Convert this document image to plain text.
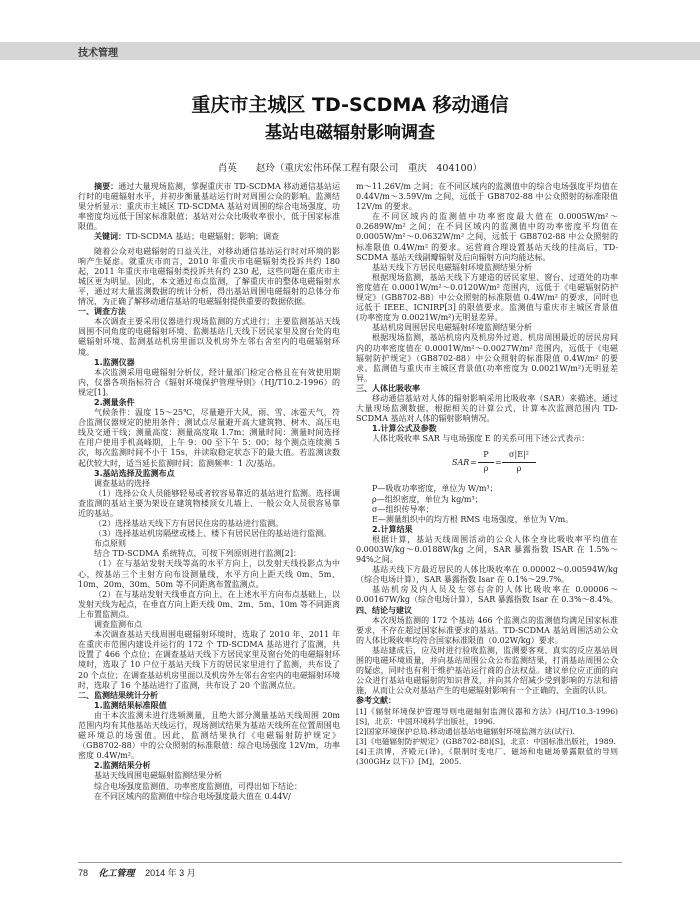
技术管理
重庆市主城区 TD-SCDMA 移动通信
基站电磁辐射影响调查
肖英　　赵玲（重庆宏伟环保工程有限公司　重庆　404100）

摘要：通过大量现场监测，掌握重庆市 TD-SCDMA 移动通信基站运行时的电磁辐射水平，并初步衡量基站运行时对周围公众的影响。监测结果分析显示：重庆市主城区 TD-SCDMA 基站对周围的综合电场强度、功率密度均远低于国家标准限值；基站对公众比吸收率很小，低于国家标准限值。

关键词：TD-SCDMA 基站；电磁辐射；影响；调查

随着公众对电磁辐射的日益关注，对移动通信基站运行时对环境的影响产生疑虑。就重庆市而言，2010 年重庆市电磁辐射类投诉共约 180 起，2011 年重庆市电磁辐射类投诉共有约 230 起，这些问题在重庆市主城区更为明显。因此，本文通过布点监测，了解重庆市的整体电磁辐射水平，通过对大量监测数据的统计分析，得出基站周围电磁辐射的总体分布情况，为正确了解移动通信基站的电磁辐射提供重要的数据依据。

一、调查方法

本次调查主要采用仪器进行现场监测的方式进行；主要监测基站天线周围不同角度的电磁辐射环境、监测基站几天线下居民家里及窗台处的电磁辐射环境、监测基站机房里面以及机房外左邻右舍室内的电磁辐射环境。

1.监测仪器

本次监测采用电磁辐射分析仪，经计量部门检定合格且在有效使用期内，仪器各项指标符合《辐射环境保护管理导则》（HJ/T10.2-1996）的规定[1]。

2.测量条件

气候条件：温度 15～25℃，尽量避开大风、雨、雪、冰雹天气，符合监测仪器规定的使用条件；测试点尽量避开高大建筑物、树木、高压电线及交通干线；测量高度：测量高度取 1.7m；测量时间：测量时间选择在用户使用手机高峰期，上午 9：00 至下午 5：00；每个测点连续测 5 次，每次监测时间不小于 15s，并读取稳定状态下的最大值。若监测读数起伏较大时，适当延长监测时间；监测频率：1 次/基站。

3.基站选择及监测布点

调查基站的选择

（1）选择公众人员能够轻易或者较容易靠近的基站进行监测。选择调查监测的基站主要为架设在建筑物楼顶女儿墙上、一般公众人员很容易靠近的基站。

（2）选择基站天线下方有居民住房的基站进行监测。

（3）选择基站机房隔壁或楼上、楼下有居民居住的基站进行监测。

布点原则

结合 TD-SCDMA 系统特点，可按下列原则进行监测[2]：

（1）在与基站发射天线等高的水平方向上，以发射天线投影点为中心，按基站三个主射方向布设测量线，水平方向上距天线 0m、5m、10m、20m、30m、50m 等不同距离布置监测点。

（2）在与基站发射天线垂直方向上，在上述水平方向布点基础上，以发射天线为起点，在垂直方向上距天线 0m、2m、5m、10m 等不同距离上布置监测点。

调查监测布点

本次调查基站天线周围电磁辐射环境时，选取了 2010 年、2011 年在重庆市范围内建设并运行的 172 个 TD-SCDMA 基站进行了监测，共设置了 466 个点位；在调查基站天线下方居民家里及窗台处的电磁辐射环境时，选取了 10 户位于基站天线下方的居民家里进行了监测，共布设了 20 个点位；在调查基站机房里面以及机房外左邻右舍室内的电磁辐射环境时，选取了 16 个基站进行了监测，共布设了 20 个监测点位。

二、监测结果统计分析

1.监测结果标准限值

由于本次监测未进行选频测量，且绝大部分测量基站天线周围 20m 范围内均有其他基站天线运行，现场测试结果为基站天线所在位置周围电磁环境总的场强值。因此，监测结果执行《电磁辐射防护规定》（GB8702-88）中的公众照射的标准限值：综合电场强度 12V/m，功率密度 0.4W/m²。

2.监测结果分析

基站天线周围电磁辐射监测结果分析

综合电场强度监测值、功率密度监测值，可得出如下结论：

在不同区域内的监测值中综合电场强度最大值在 0.44V/

m～11.26V/m 之间；在不同区域内的监测值中的综合电场强度平均值在 0.44V/m～3.59V/m 之间，远低于 GB8702-88 中公众照射的标准限值 12V/m 的要求。

在不同区域内的监测值中功率密度最大值在 0.0005W/m²～0.2689W/m² 之间；在不同区域内的监测值中的功率密度平均值在 0.0005W/m²～0.0632W/m² 之间，远低于 GB8702-88 中公众照射的标准限值 0.4W/m² 的要求。运营商合理设置基站天线的挂高后，TD-SCDMA 基站天线副瓣辐射及后向辐射方向均能达标。

基站天线下方居民电磁辐射环境监测结果分析

根据现场监测，基站天线下方建造的居民家里、窗台、过道处的功率密度值在 0.0001W/m²～0.0120W/m² 范围内，远低于《电磁辐射防护规定》（GB8702-88）中公众照射的标准限值 0.4W/m² 的要求，同时也远低于 IEEE、ICNIRP[3] 的限值要求。监测值与重庆市主城区背景值(功率密度为 0.0021W/m²)无明显差异。

基站机房周围居民电磁辐射环境监测结果分析

根据现场监测，基站机房内及机房外过道、机房周围最近的居民房间内的功率密度值在 0.0001W/m²～0.0027W/m² 范围内，远低于《电磁辐射防护规定》（GB8702-88）中公众照射的标准限值 0.4W/m² 的要求。监测值与重庆市主城区背景值(功率密度为 0.0021W/m²)无明显差异。

三、人体比吸收率

移动通信基站对人体的辐射影响采用比吸收率（SAR）来描述。通过大量现场监测数据，根据相关的计算公式，计算本次监测范围内 TD-SCDMA 基站对人体的辐射影响情况。

1.计算公式及参数

人体比吸收率 SAR 与电场强度 E 的关系可用下述公式表示：

SAR =
P
ρ
=
σ|E|²
ρ

P—吸收功率密度，单位为 W/m³；

ρ—组织密度，单位为 kg/m³；

σ—组织传导率；

E—测量组织中的均方根 RMS 电场强度，单位为 V/m。

2.计算结果

根据计算，基站天线周围活动的公众人体全身比吸收率平均值在 0.0003W/kg～0.0188W/kg 之间，SAR 暴露指数 ISAR 在 1.5%～94%之间。

基站天线下方最近居民的人体比吸收率在 0.00002～0.00594W/kg（综合电场计算），SAR 暴露指数 Isar 在 0.1%～29.7%。

基站机房及内人员及左邻右舍的人体比吸收率在 0.00006～0.00167W/kg（综合电场计算），SAR 暴露指数 Isar 在 0.3%～8.4%。

四、结论与建议

本次现场监测的 172 个基站 466 个监测点的监测值均满足国家标准要求，不存在超过国家标准要求的基站。TD-SCDMA 基站周围活动公众的人体比吸收率均符合国家标准限值（0.02W/kg）要求。

基站建成后，应及时进行验收监测，监测要客观、真实的反应基站周围的电磁环境质量，并向基站周围公众公布监测结果，打消基站周围公众的疑虑，同时也有利于维护基站运行商的合法权益。建议单位应正面的向公众进行基站电磁辐射的知识普及，并向其介绍减少受到影响的方法和措施，从而让公众对基站产生的电磁辐射影响有一个正确的、全面的认识。

参考文献：

[1]《辐射环境保护管理导则电磁辐射监测仪器和方法》(HJ/T10.3-1996)[S]，北京：中国环境科学出版社，1996.

[2]国家环境保护总局.移动通信基站电磁辐射环境监测方法(试行).

[3]《电磁辐射防护规定》(GB8702-88)[S]，北京：中国标准出版社，1989.

[4]王洪博，齐殿元(译)，《限制时变电厂、磁场和电磁场暴露限值的导则(300GHz 以下)》[M]，2005.

78 化工管理 2014 年 3 月
